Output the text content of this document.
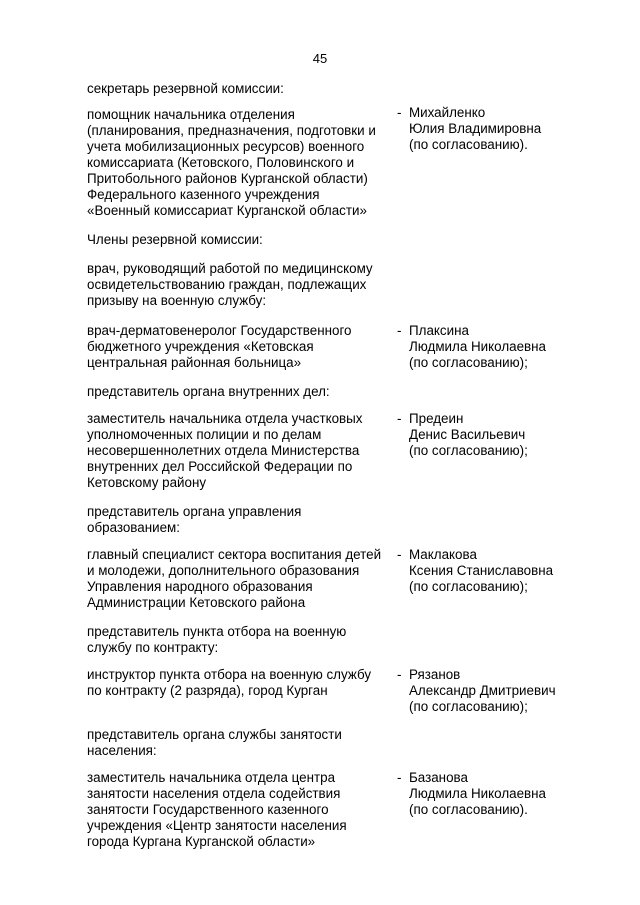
45
секретарь резервной комиссии:
помощник начальника отделения
(планирования, предназначения, подготовки и
учета мобилизационных ресурсов) военного
комиссариата (Кетовского, Половинского и
Притобольного районов Курганской области)
Федерального казенного учреждения
«Военный комиссариат Курганской области»
- Михайленко
Юлия Владимировна
(по согласованию).
Члены резервной комиссии:
врач, руководящий работой по медицинскому
освидетельствованию граждан, подлежащих
призыву на военную службу:
врач-дерматовенеролог Государственного
бюджетного учреждения «Кетовская
центральная районная больница»
- Плаксина
Людмила Николаевна
(по согласованию);
представитель органа внутренних дел:
заместитель начальника отдела участковых
уполномоченных полиции и по делам
несовершеннолетних отдела Министерства
внутренних дел Российской Федерации по
Кетовскому району
- Предеин
Денис Васильевич
(по согласованию);
представитель органа управления
образованием:
главный специалист сектора воспитания детей
и молодежи, дополнительного образования
Управления народного образования
Администрации Кетовского района
- Маклакова
Ксения Станиславовна
(по согласованию);
представитель пункта отбора на военную
службу по контракту:
инструктор пункта отбора на военную службу
по контракту (2 разряда), город Курган
- Рязанов
Александр Дмитриевич
(по согласованию);
представитель органа службы занятости
населения:
заместитель начальника отдела центра
занятости населения отдела содействия
занятости Государственного казенного
учреждения «Центр занятости населения
города Кургана Курганской области»
- Базанова
Людмила Николаевна
(по согласованию).
